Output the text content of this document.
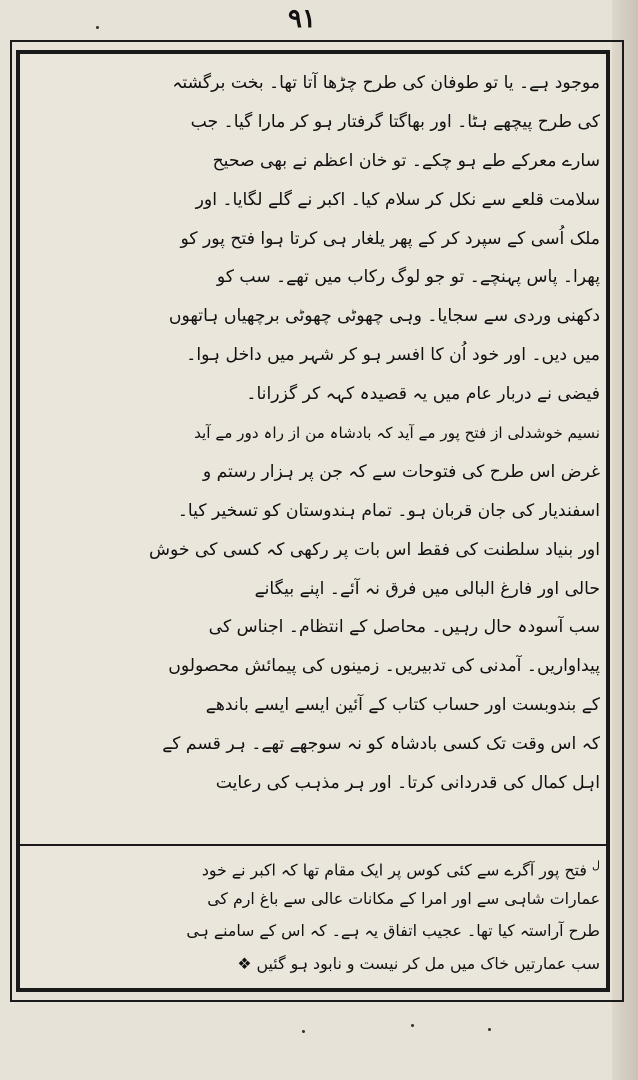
۹۱
موجود ہے۔ یا تو طوفان کی طرح چڑھا آتا تھا۔ بخت برگشتہ
کی طرح پیچھے ہٹا۔ اور بھاگتا گرفتار ہو کر مارا گیا۔ جب
سارے معرکے طے ہو چکے۔ تو خان اعظم نے بھی صحیح
سلامت قلعے سے نکل کر سلام کیا۔ اکبر نے گلے لگایا۔ اور
ملک اُسی کے سپرد کر کے پھر یلغار ہی کرتا ہوا فتح پور کو
پھرا۔ پاس پہنچے۔ تو جو لوگ رکاب میں تھے۔ سب کو
دکھنی وردی سے سجایا۔ وہی چھوٹی چھوٹی برچھیاں ہاتھوں
میں دیں۔ اور خود اُن کا افسر ہو کر شہر میں داخل ہوا۔
فیضی نے دربار عام میں یہ قصیدہ کہہ کر گزرانا۔
نسیم خوشدلی از فتح پور مے آید کہ بادشاہ من از راہ دور مے آید
غرض اس طرح کی فتوحات سے کہ جن پر ہزار رستم و
اسفندیار کی جان قربان ہو۔ تمام ہندوستان کو تسخیر کیا۔
اور بنیاد سلطنت کی فقط اس بات پر رکھی کہ کسی کی خوش
حالی اور فارغ البالی میں فرق نہ آئے۔ اپنے بیگانے
سب آسودہ حال رہیں۔ محاصل کے انتظام۔ اجناس کی
پیداواریں۔ آمدنی کی تدبیریں۔ زمینوں کی پیمائش محصولوں
کے بندوبست اور حساب کتاب کے آئین ایسے ایسے باندھے
کہ اس وقت تک کسی بادشاہ کو نہ سوجھے تھے۔ ہر قسم کے
اہل کمال کی قدردانی کرتا۔ اور ہر مذہب کی رعایت
$^ل$ فتح پور آگرے سے کئی کوس پر ایک مقام تھا کہ اکبر نے خود
عمارات شاہی سے اور امرا کے مکانات عالی سے باغ ارم کی
طرح آراستہ کیا تھا۔ عجیب اتفاق یہ ہے۔ کہ اس کے سامنے ہی
سب عمارتیں خاک میں مل کر نیست و نابود ہو گئیں ❖
